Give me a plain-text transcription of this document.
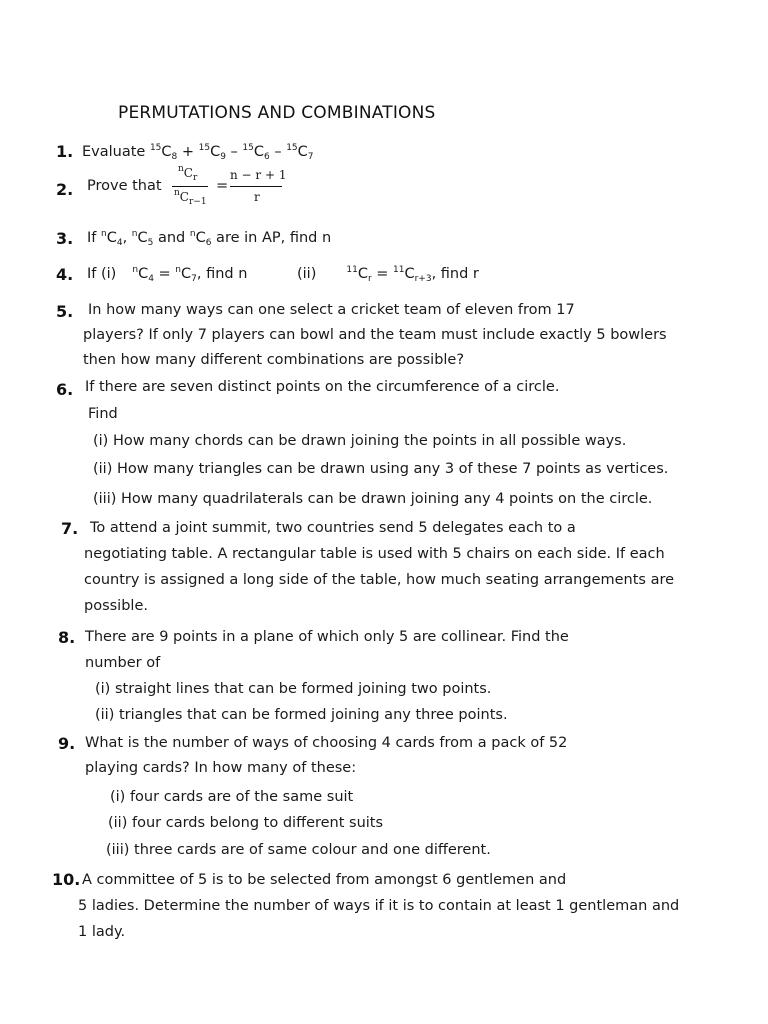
PERMUTATIONS AND COMBINATIONS
1. Evaluate $^{15}C_8 + ^{15}C_9 - ^{15}C_6 - ^{15}C_7$
2. Prove that
$^nC_r$
$^nC_{r-1}$
=
n − r + 1
r
3. If $^nC_4$, $^nC_5$ and $^nC_6$ are in AP, find n
4. If (i) $^nC_4 = ^nC_7$, find n	(ii)	$^{11}C_r = ^{11}C_{r+3}$, find r
5. In how many ways can one select a cricket team of eleven from 17
players? If only 7 players can bowl and the team must include exactly 5 bowlers
then how many different combinations are possible?
6. If there are seven distinct points on the circumference of a circle.
Find
(i) How many chords can be drawn joining the points in all possible ways.
(ii) How many triangles can be drawn using any 3 of these 7 points as vertices.
(iii) How many quadrilaterals can be drawn joining any 4 points on the circle.
7. To attend a joint summit, two countries send 5 delegates each to a
negotiating table. A rectangular table is used with 5 chairs on each side. If each
country is assigned a long side of the table, how much seating arrangements are
possible.
8. There are 9 points in a plane of which only 5 are collinear. Find the
number of
(i) straight lines that can be formed joining two points.
(ii) triangles that can be formed joining any three points.
9. What is the number of ways of choosing 4 cards from a pack of 52
playing cards? In how many of these:
(i) four cards are of the same suit
(ii) four cards belong to different suits
(iii) three cards are of same colour and one different.
10. A committee of 5 is to be selected from amongst 6 gentlemen and
5 ladies. Determine the number of ways if it is to contain at least 1 gentleman and
1 lady.
